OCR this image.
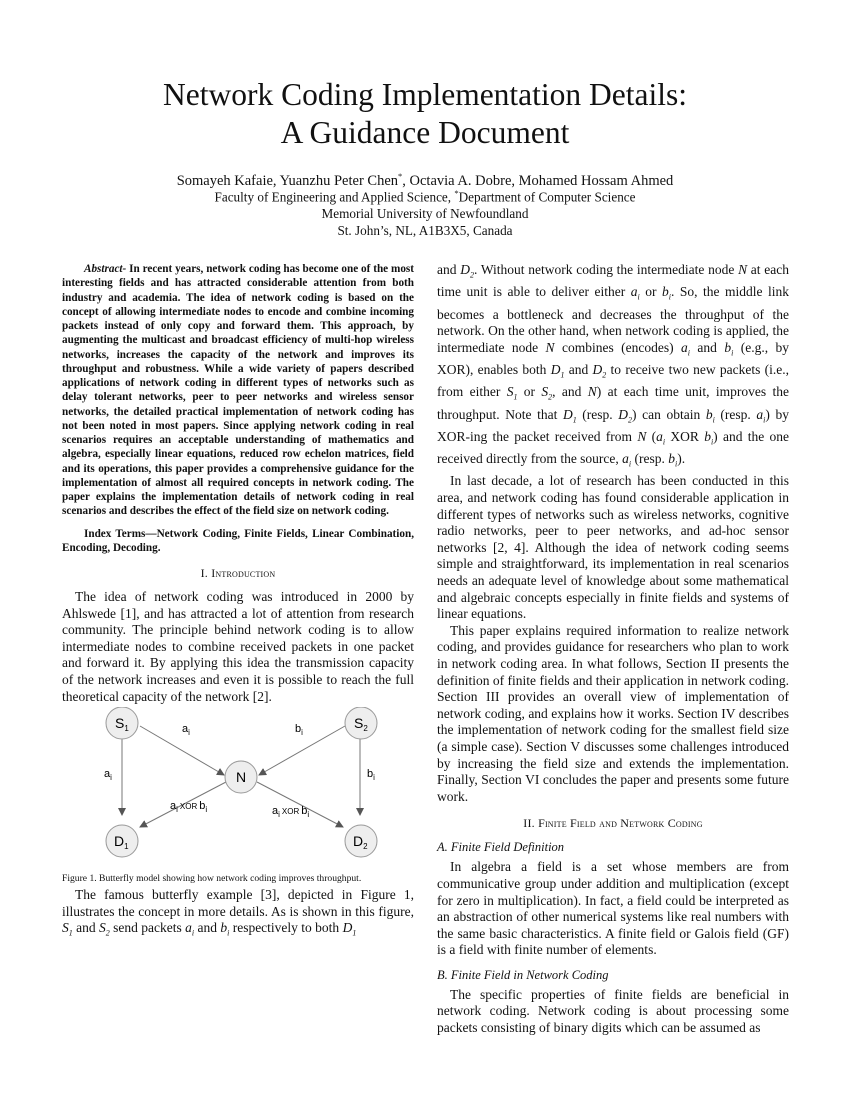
Network Coding Implementation Details:
A Guidance Document
Somayeh Kafaie, Yuanzhu Peter Chen*, Octavia A. Dobre, Mohamed Hossam Ahmed
Faculty of Engineering and Applied Science, *Department of Computer Science
Memorial University of Newfoundland
St. John’s, NL, A1B3X5, Canada

Abstract- In recent years, network coding has become one of the most interesting fields and has attracted considerable attention from both industry and academia. The idea of network coding is based on the concept of allowing intermediate nodes to encode and combine incoming packets instead of only copy and forward them. This approach, by augmenting the multicast and broadcast efficiency of multi-hop wireless networks, increases the capacity of the network and improves its throughput and robustness. While a wide variety of papers described applications of network coding in different types of networks such as delay tolerant networks, peer to peer networks and wireless sensor networks, the detailed practical implementation of network coding has not been noted in most papers. Since applying network coding in real scenarios requires an acceptable understanding of mathematics and algebra, especially linear equations, reduced row echelon matrices, field and its operations, this paper provides a comprehensive guidance for the implementation of almost all required concepts in network coding. The paper explains the implementation details of network coding in real scenarios and describes the effect of the field size on network coding.

Index Terms—Network Coding, Finite Fields, Linear Combination, Encoding, Decoding.

I. Introduction

The idea of network coding was introduced in 2000 by Ahlswede [1], and has attracted a lot of attention from research community. The principle behind network coding is to allow intermediate nodes to combine received packets in one packet and forward it. By applying this idea the transmission capacity of the network increases and even it is possible to reach the full theoretical capacity of the network [2].

$S_1$	$S_2$
N
$D_1$	$D_2$
$a_i$	$b_i$
$a_i$	$b_i$
$a_i$ $^{XOR}$ $b_i$	$a_i$ $^{XOR}$ $b_i$

Figure 1. Butterfly model showing how network coding improves throughput.

The famous butterfly example [3], depicted in Figure 1, illustrates the concept in more details. As is shown in this figure, $S_1$ and $S_2$ send packets $a_i$ and $b_i$ respectively to both $D_1$

and $D_2$. Without network coding the intermediate node N at each time unit is able to deliver either $a_i$ or $b_i$. So, the middle link becomes a bottleneck and decreases the throughput of the network. On the other hand, when network coding is applied, the intermediate node N combines (encodes) $a_i$ and $b_i$ (e.g., by XOR), enables both $D_1$ and $D_2$ to receive two new packets (i.e., from either $S_1$ or $S_2$, and N) at each time unit, improves the throughput. Note that $D_1$ (resp. $D_2$) can obtain $b_i$ (resp. $a_i$) by XOR-ing the packet received from N ($a_i$ XOR $b_i$) and the one received directly from the source, $a_i$ (resp. $b_i$).

In last decade, a lot of research has been conducted in this area, and network coding has found considerable application in different types of networks such as wireless networks, cognitive radio networks, peer to peer networks, and ad-hoc sensor networks [2, 4]. Although the idea of network coding seems simple and straightforward, its implementation in real scenarios needs an adequate level of knowledge about some mathematical and algebraic concepts especially in finite fields and systems of linear equations.

This paper explains required information to realize network coding, and provides guidance for researchers who plan to work in network coding area. In what follows, Section II presents the definition of finite fields and their application in network coding. Section III provides an overall view of implementation of network coding, and explains how it works. Section IV describes the implementation of network coding for the smallest field size (a simple case). Section V discusses some challenges introduced by increasing the field size and extends the implementation. Finally, Section VI concludes the paper and presents some future work.

II. Finite Field and Network Coding
A. Finite Field Definition

In algebra a field is a set whose members are from communicative group under addition and multiplication (except for zero in multiplication). In fact, a field could be interpreted as an abstraction of other numerical systems like real numbers with the same basic characteristics. A finite field or Galois field (GF) is a field with finite number of elements.

B. Finite Field in Network Coding

The specific properties of finite fields are beneficial in network coding. Network coding is about processing some packets consisting of binary digits which can be assumed as
